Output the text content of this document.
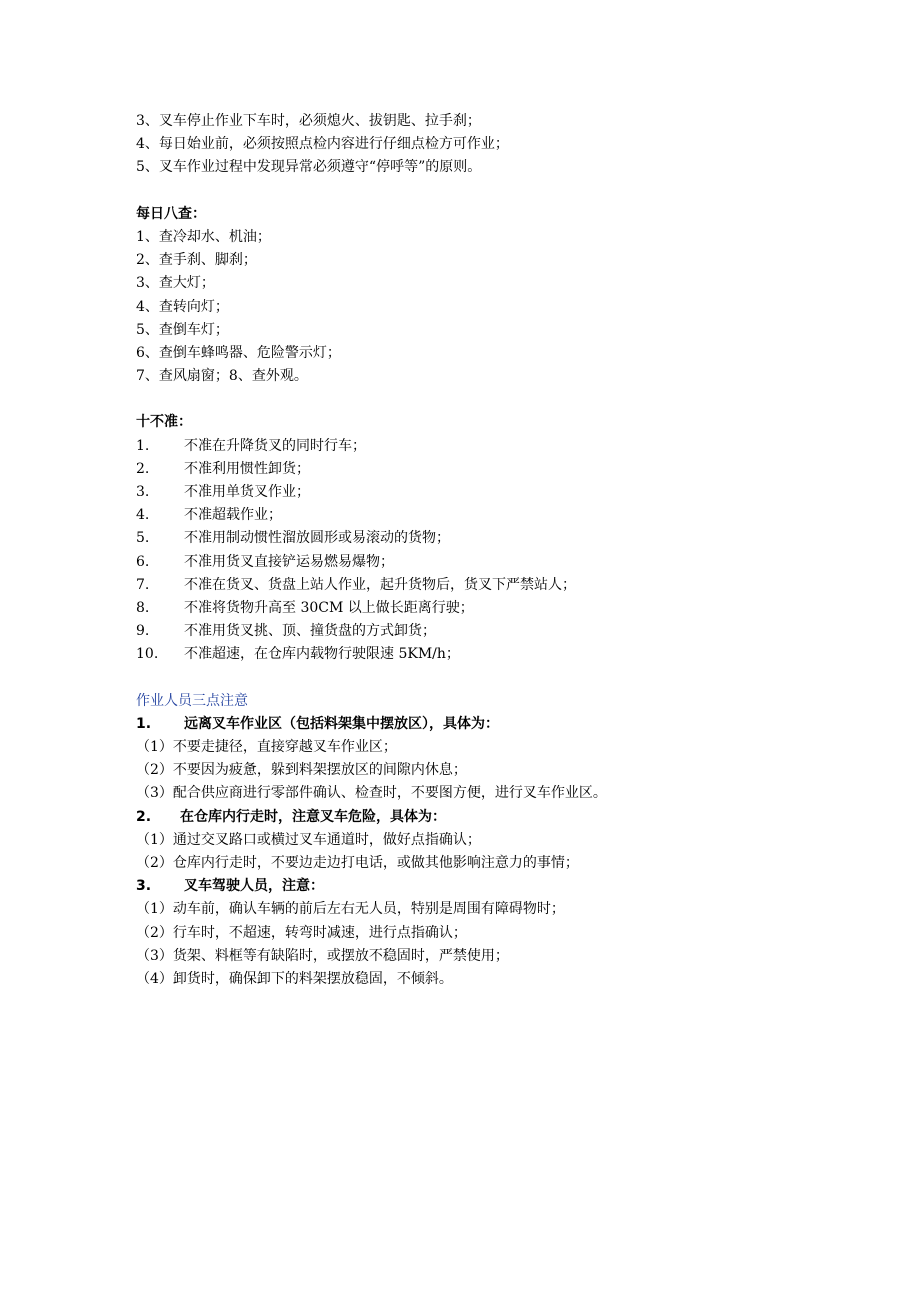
3、叉车停止作业下车时，必须熄火、拔钥匙、拉手刹；
4、每日始业前，必须按照点检内容进行仔细点检方可作业；
5、叉车作业过程中发现异常必须遵守“停呼等”的原则。
每日八查：
1、查冷却水、机油；
2、查手刹、脚刹；
3、查大灯；
4、查转向灯；
5、查倒车灯；
6、查倒车蜂鸣器、危险警示灯；
7、查风扇窗；8、查外观。
十不准：
1. 不准在升降货叉的同时行车；
2. 不准利用惯性卸货；
3. 不准用单货叉作业；
4. 不准超载作业；
5. 不准用制动惯性溜放圆形或易滚动的货物；
6. 不准用货叉直接铲运易燃易爆物；
7. 不准在货叉、货盘上站人作业，起升货物后，货叉下严禁站人；
8. 不准将货物升高至 30CM 以上做长距离行驶；
9. 不准用货叉挑、顶、撞货盘的方式卸货；
10. 不准超速，在仓库内载物行驶限速 5KM/h；
作业人员三点注意
1. 远离叉车作业区（包括料架集中摆放区），具体为：
（1）不要走捷径，直接穿越叉车作业区；
（2）不要因为疲惫，躲到料架摆放区的间隙内休息；
（3）配合供应商进行零部件确认、检查时，不要图方便，进行叉车作业区。
2. 在仓库内行走时，注意叉车危险，具体为：
（1）通过交叉路口或横过叉车通道时，做好点指确认；
（2）仓库内行走时，不要边走边打电话，或做其他影响注意力的事情；
3. 叉车驾驶人员，注意：
（1）动车前，确认车辆的前后左右无人员，特别是周围有障碍物时；
（2）行车时，不超速，转弯时减速，进行点指确认；
（3）货架、料框等有缺陷时，或摆放不稳固时，严禁使用；
（4）卸货时，确保卸下的料架摆放稳固，不倾斜。
